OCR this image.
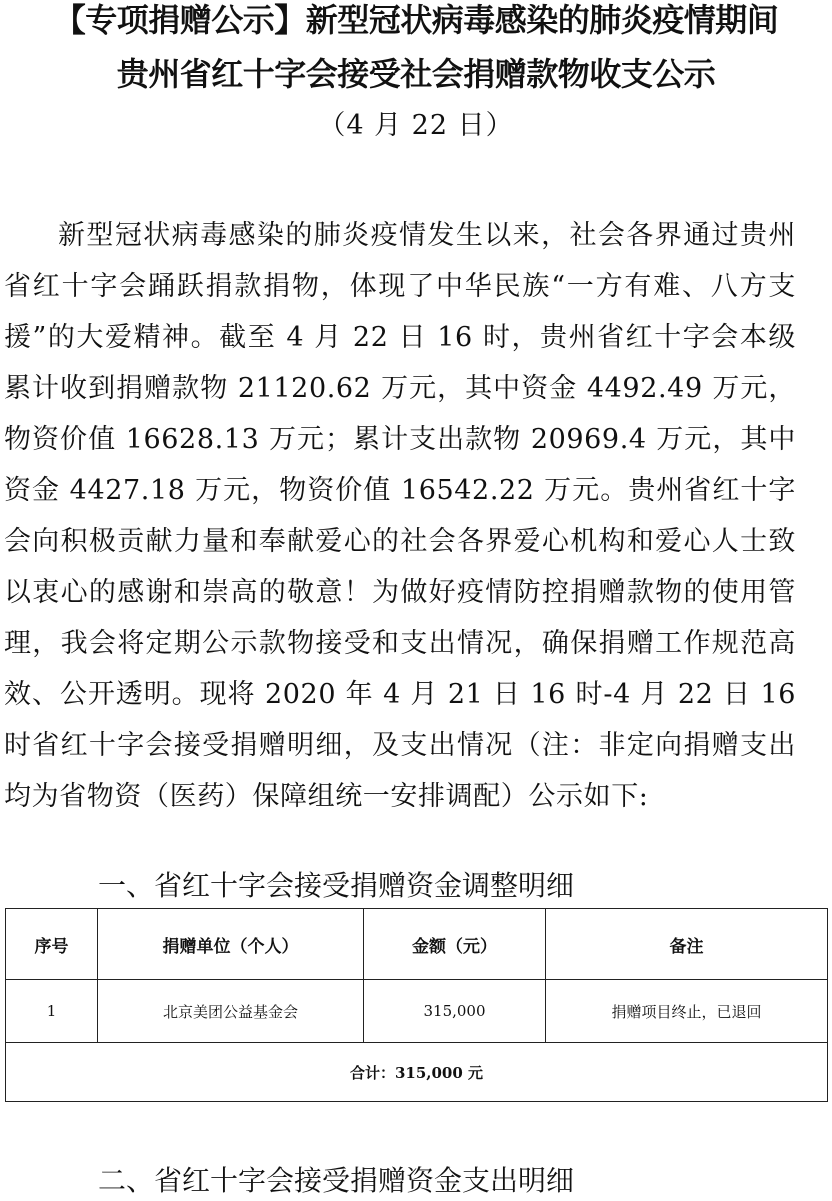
【专项捐赠公示】新型冠状病毒感染的肺炎疫情期间
贵州省红十字会接受社会捐赠款物收支公示
（4 月 22 日）

新型冠状病毒感染的肺炎疫情发生以来，社会各界通过贵州省红十字会踊跃捐款捐物，体现了中华民族“一方有难、八方支援”的大爱精神。截至 4 月 22 日 16 时，贵州省红十字会本级累计收到捐赠款物 21120.62 万元，其中资金 4492.49 万元，物资价值 16628.13 万元；累计支出款物 20969.4 万元，其中资金 4427.18 万元，物资价值 16542.22 万元。贵州省红十字会向积极贡献力量和奉献爱心的社会各界爱心机构和爱心人士致以衷心的感谢和崇高的敬意！为做好疫情防控捐赠款物的使用管理，我会将定期公示款物接受和支出情况，确保捐赠工作规范高效、公开透明。现将 2020 年 4 月 21 日 16 时-4 月 22 日 16 时省红十字会接受捐赠明细，及支出情况（注：非定向捐赠支出均为省物资（医药）保障组统一安排调配）公示如下:

一、省红十字会接受捐赠资金调整明细
序号	捐赠单位（个人）	金额（元）	备注
1	北京美团公益基金会	315,000	捐赠项目终止，已退回
合计：315,000 元			
二、省红十字会接受捐赠资金支出明细
